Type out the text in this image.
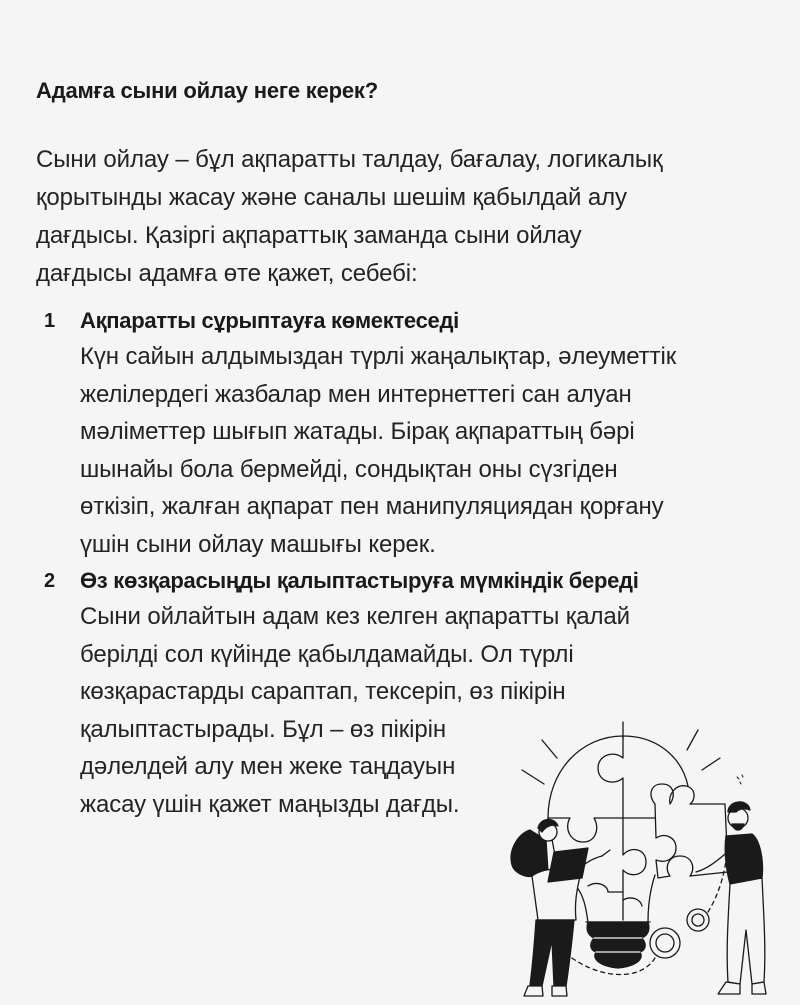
Адамға сыни ойлау неге керек?
Сыни ойлау – бұл ақпаратты талдау, бағалау, логикалық
қорытынды жасау және саналы шешім қабылдай алу
дағдысы. Қазіргі ақпараттық заманда сыни ойлау
дағдысы адамға өте қажет, себебі:
1 Ақпаратты сұрыптауға көмектеседі
Күн сайын алдымыздан түрлі жаңалықтар, әлеуметтік
желілердегі жазбалар мен интернеттегі сан алуан
мәліметтер шығып жатады. Бірақ ақпараттың бәрі
шынайы бола бермейді, сондықтан оны сүзгіден
өткізіп, жалған ақпарат пен манипуляциядан қорғану
үшін сыни ойлау машығы керек.
2 Өз көзқарасыңды қалыптастыруға мүмкіндік береді
Сыни ойлайтын адам кез келген ақпаратты қалай
берілді сол күйінде қабылдамайды. Ол түрлі
көзқарастарды сараптап, тексеріп, өз пікірін
қалыптастырады. Бұл – өз пікірін
дәлелдей алу мен жеке таңдауын
жасау үшін қажет маңызды дағды.
